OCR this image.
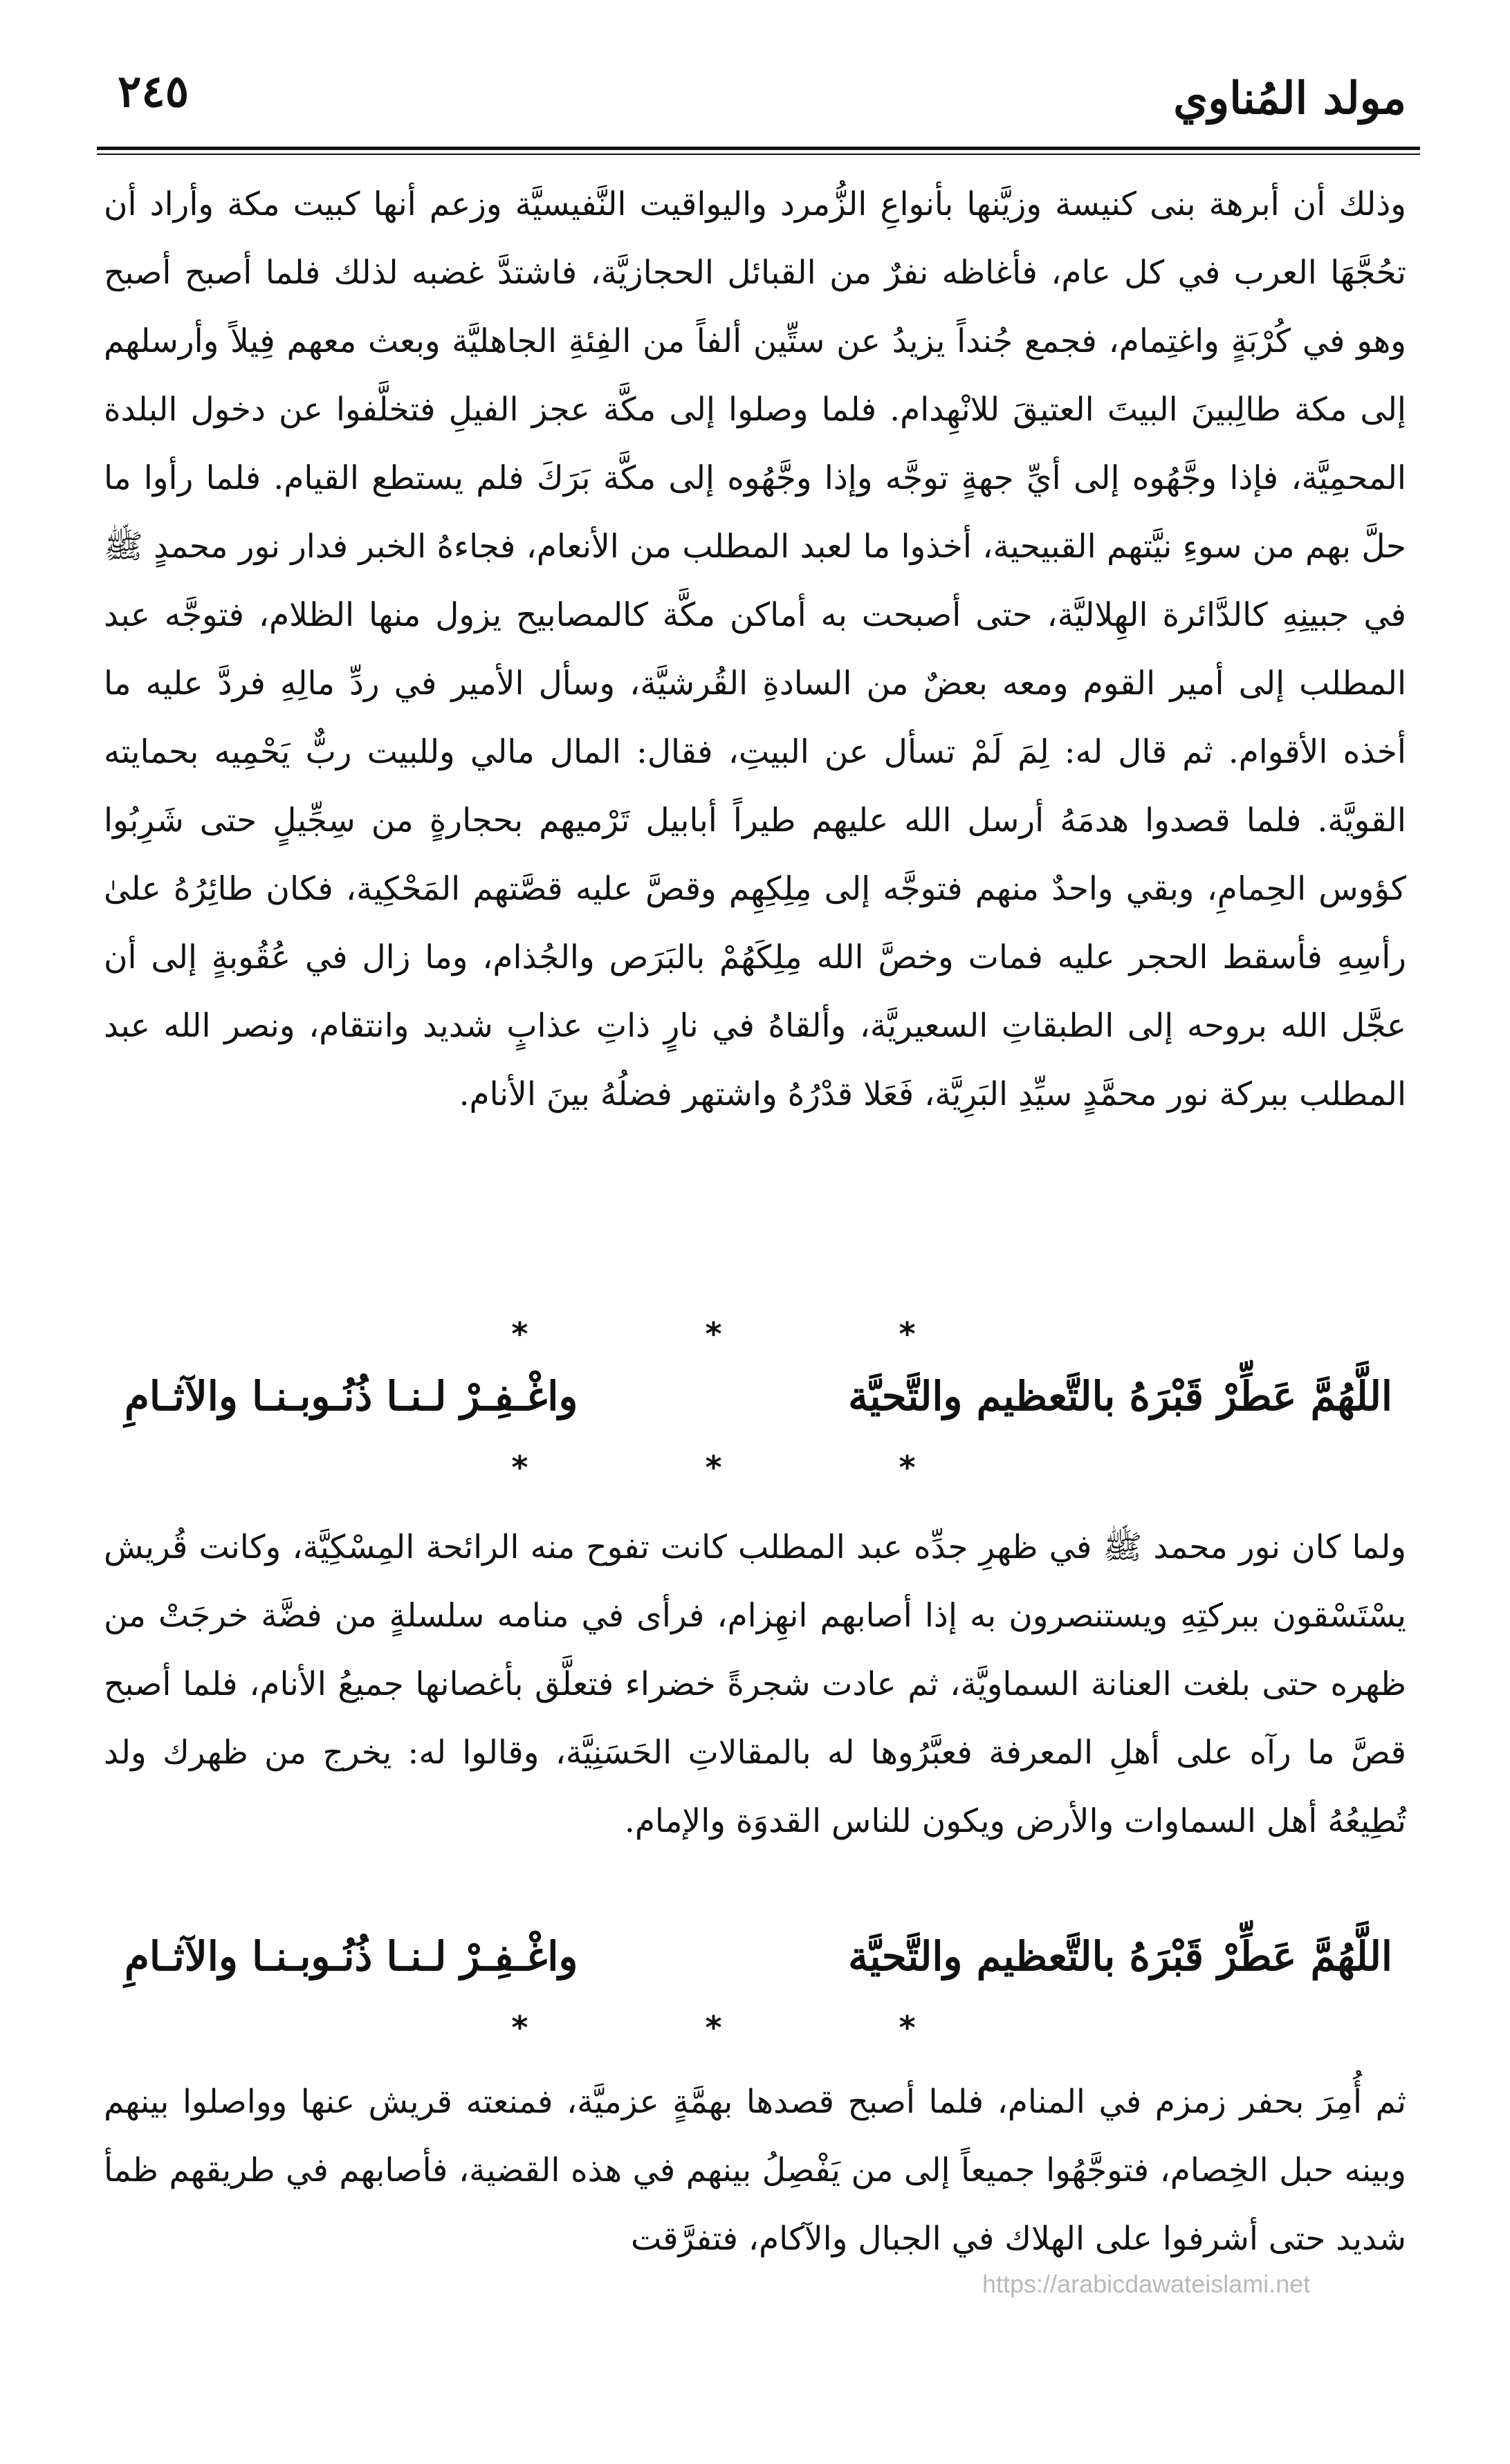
مولد المُناوي
٢٤٥
وذلك أن أبرهة بنى كنيسة وزيَّنها بأنواعِ الزُّمرد واليواقيت النَّفيسيَّة وزعم أنها كبيت مكة وأراد أن تحُجَّهَا العرب في كل عام، فأغاظه نفرٌ من القبائل الحجازيَّة، فاشتدَّ غضبه لذلك فلما أصبح أصبح وهو في كُرْبَةٍ واغتِمام، فجمع جُنداً يزيدُ عن ستِّين ألفاً من الفِئةِ الجاهليَّة وبعث معهم فِيلاً وأرسلهم إلى مكة طالِبينَ البيتَ العتيقَ للانْهِدام. فلما وصلوا إلى مكَّة عجز الفيلِ فتخلَّفوا عن دخول البلدة المحمِيَّة، فإذا وجَّهُوه إلى أيِّ جهةٍ توجَّه وإذا وجَّهُوه إلى مكَّة بَرَكَ فلم يستطع القيام. فلما رأوا ما حلَّ بهم من سوءِ نيَّتهم القبيحية، أخذوا ما لعبد المطلب من الأنعام، فجاءهُ الخبر فدار نور محمدٍ ﷺ في جبينِهِ كالدَّائرة الهِلاليَّة، حتى أصبحت به أماكن مكَّة كالمصابيح يزول منها الظلام، فتوجَّه عبد المطلب إلى أمير القوم ومعه بعضٌ من السادةِ القُرشيَّة، وسأل الأمير في ردِّ مالِهِ فردَّ عليه ما أخذه الأقوام. ثم قال له: لِمَ لَمْ تسأل عن البيتِ، فقال: المال مالي وللبيت ربٌّ يَحْمِيه بحمايته القويَّة. فلما قصدوا هدمَهُ أرسل الله عليهم طيراً أبابيل تَرْميهم بحجارةٍ من سِجِّيلٍ حتى شَرِبُوا كؤوس الحِمامِ، وبقي واحدٌ منهم فتوجَّه إلى مِلِكِهِم وقصَّ عليه قصَّتهم المَحْكِية، فكان طائِرُهُ علىٰ رأسِهِ فأسقط الحجر عليه فمات وخصَّ الله مِلِكَهُمْ بالبَرَص والجُذام، وما زال في عُقُوبةٍ إلى أن عجَّل الله بروحه إلى الطبقاتِ السعيريَّة، وألقاهُ في نارٍ ذاتِ عذابٍ شديد وانتقام، ونصر الله عبد المطلب ببركة نور محمَّدٍ سيِّدِ البَرِيَّة، فَعَلا قدْرُهُ واشتهر فضلُهُ بينَ الأنام.
* * *
اللَّهُمَّ عَطِّرْ قَبْرَهُ بالتَّعظيم والتَّحيَّة
واغْـفِـرْ لـنـا ذُنُـوبـنـا والآثـامِ
* * *
ولما كان نور محمد ﷺ في ظهرِ جدِّه عبد المطلب كانت تفوح منه الرائحة المِسْكِيَّة، وكانت قُريش يسْتَسْقون ببركتِهِ ويستنصرون به إذا أصابهم انهِزام، فرأى في منامه سلسلةٍ من فضَّة خرجَتْ من ظهره حتى بلغت العنانة السماويَّة، ثم عادت شجرةً خضراء فتعلَّق بأغصانها جميعُ الأنام، فلما أصبح قصَّ ما رآه على أهلِ المعرفة فعبَّرُوها له بالمقالاتِ الحَسَنِيَّة، وقالوا له: يخرج من ظهرك ولد تُطِيعُهُ أهل السماوات والأرض ويكون للناس القدوَة والإمام.
اللَّهُمَّ عَطِّرْ قَبْرَهُ بالتَّعظيم والتَّحيَّة
واغْـفِـرْ لـنـا ذُنُـوبـنـا والآثـامِ
* * *
ثم أُمِرَ بحفر زمزم في المنام، فلما أصبح قصدها بهمَّةٍ عزميَّة، فمنعته قريش عنها وواصلوا بينهم وبينه حبل الخِصام، فتوجَّهُوا جميعاً إلى من يَفْصِلُ بينهم في هذه القضية، فأصابهم في طريقهم ظمأ شديد حتى أشرفوا على الهلاك في الجبال والآكام، فتفرَّقت
https://arabicdawateislami.net
